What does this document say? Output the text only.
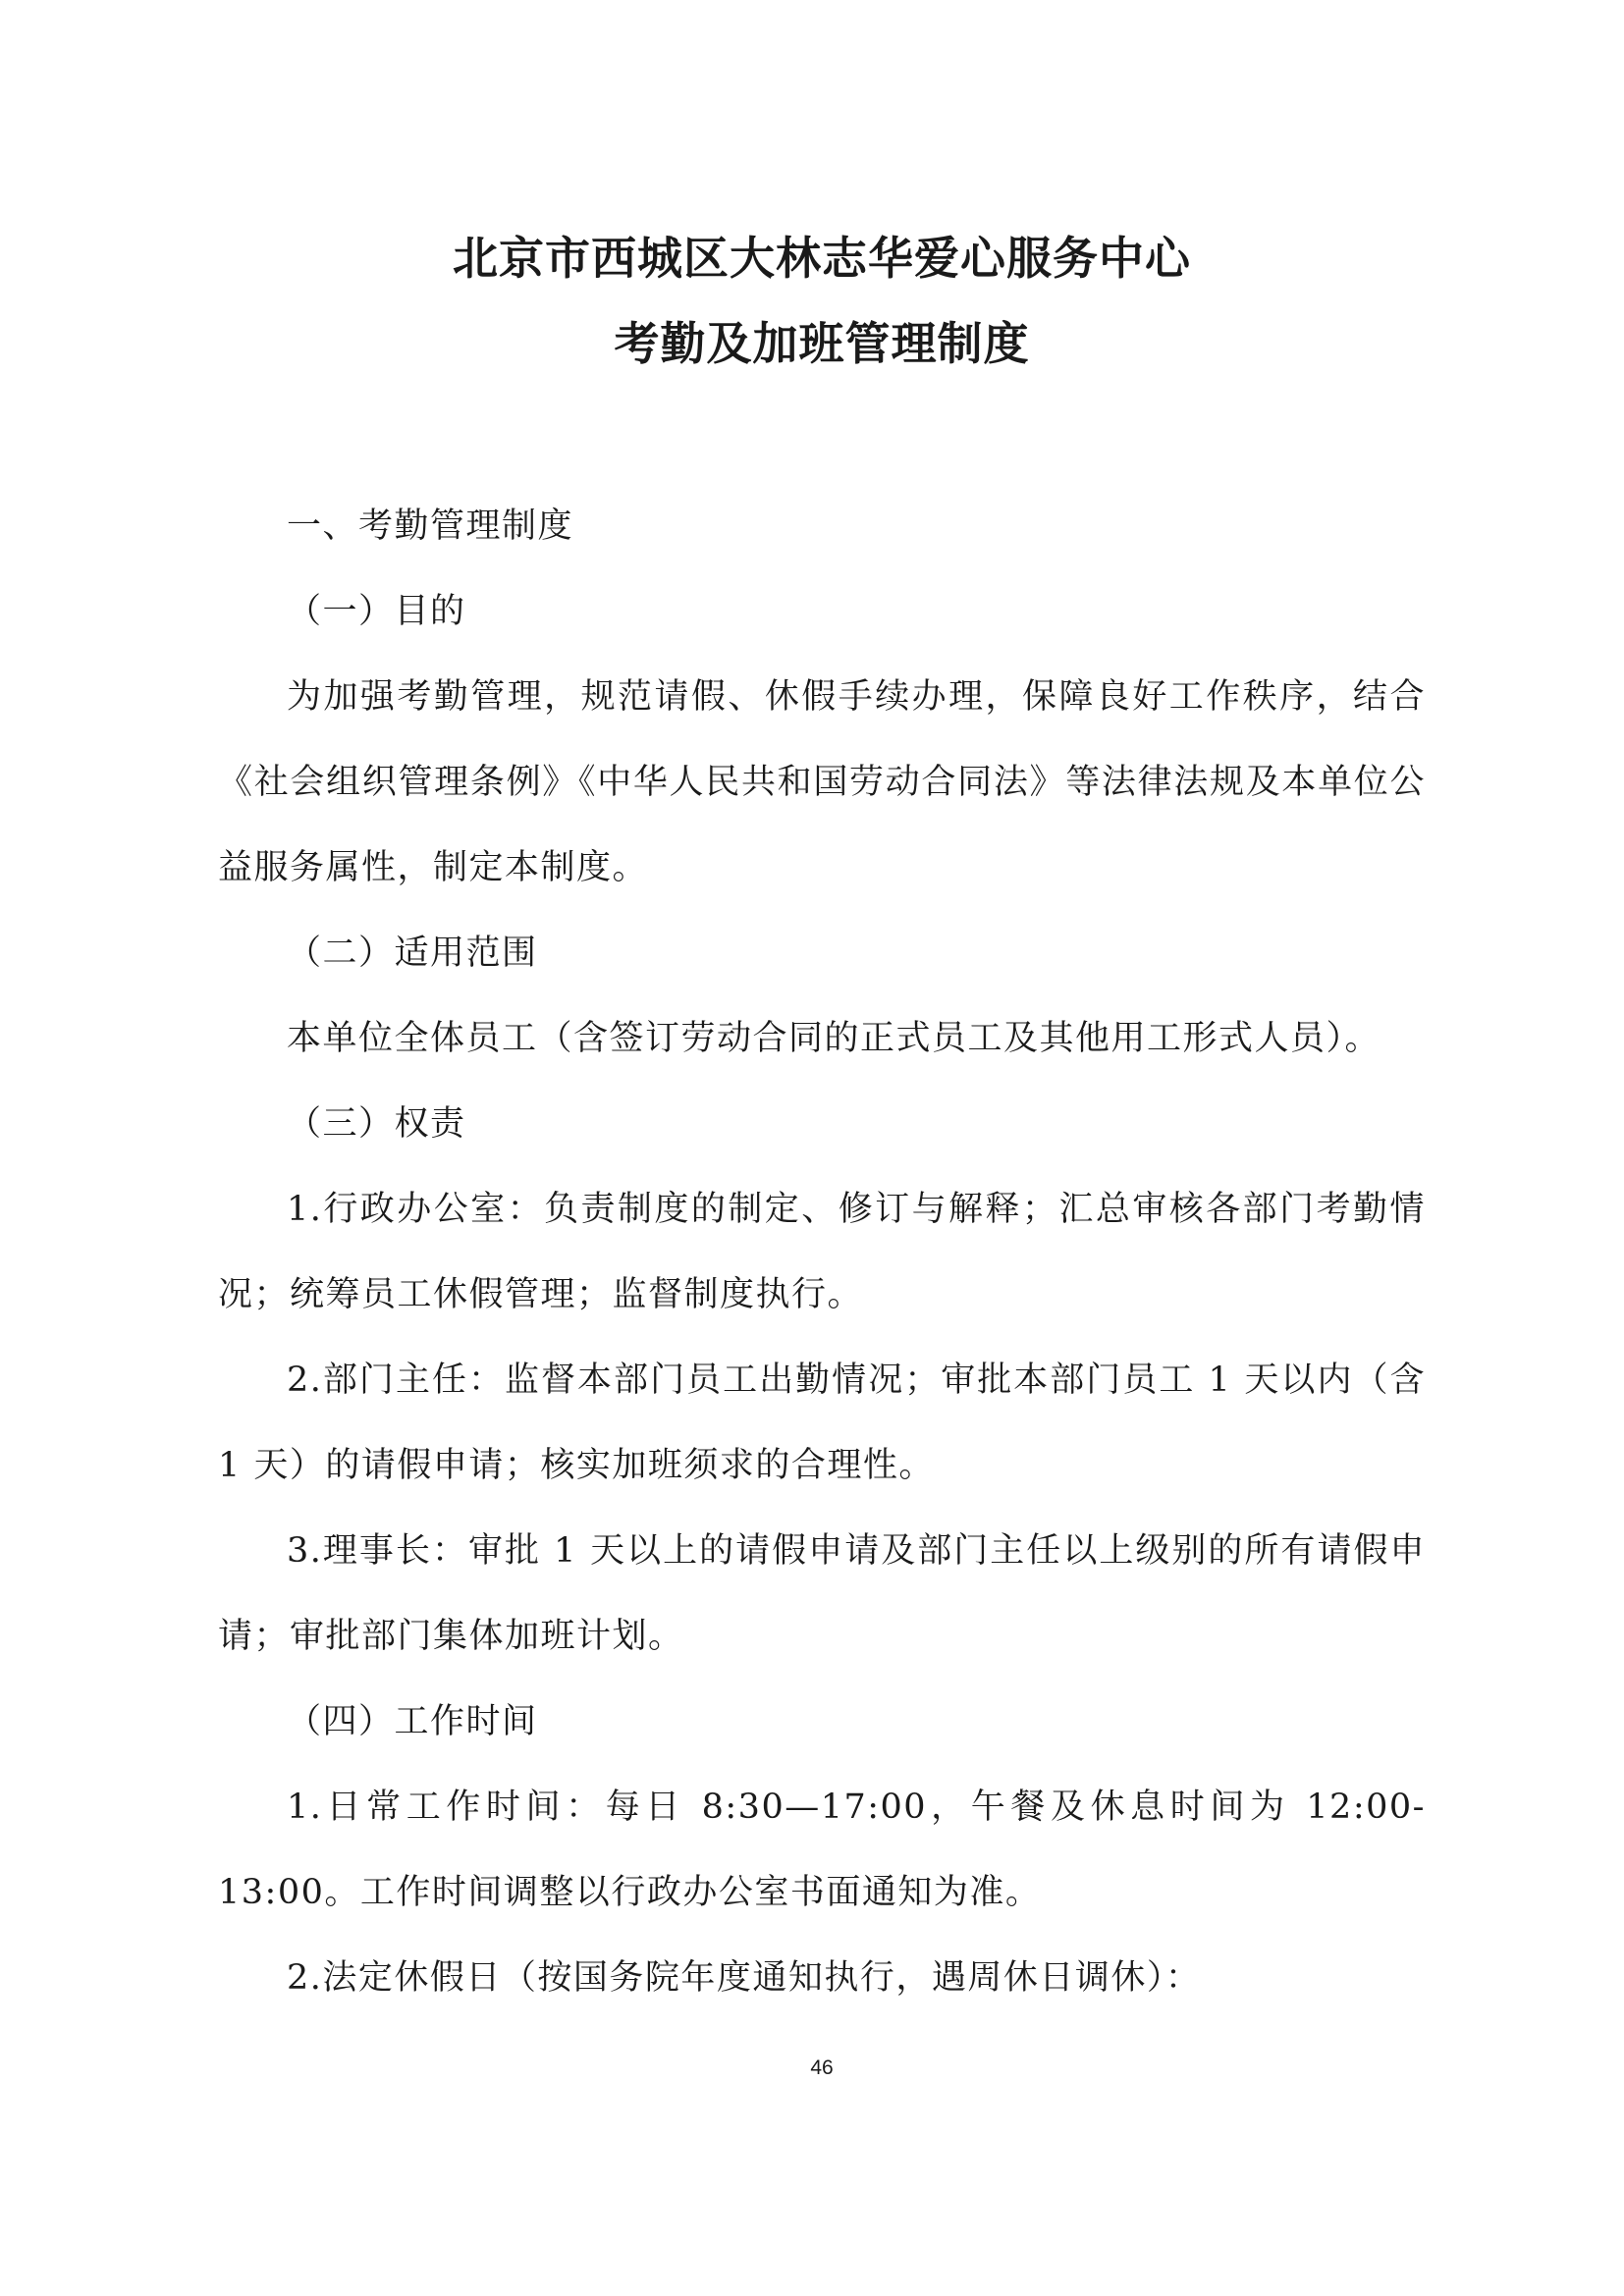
北京市西城区大林志华爱心服务中心
考勤及加班管理制度

一、考勤管理制度

（一）目的

为加强考勤管理，规范请假、休假手续办理，保障良好工作秩序，结合《社会组织管理条例》《中华人民共和国劳动合同法》等法律法规及本单位公益服务属性，制定本制度。

（二）适用范围

本单位全体员工（含签订劳动合同的正式员工及其他用工形式人员）。

（三）权责

1.行政办公室：负责制度的制定、修订与解释；汇总审核各部门考勤情况；统筹员工休假管理；监督制度执行。

2.部门主任：监督本部门员工出勤情况；审批本部门员工 1 天以内（含 1 天）的请假申请；核实加班须求的合理性。

3.理事长：审批 1 天以上的请假申请及部门主任以上级别的所有请假申请；审批部门集体加班计划。

（四）工作时间

1.日常工作时间：每日 8:30—17:00，午餐及休息时间为 12:00-13:00。工作时间调整以行政办公室书面通知为准。

2.法定休假日（按国务院年度通知执行，遇周休日调休）：

46
